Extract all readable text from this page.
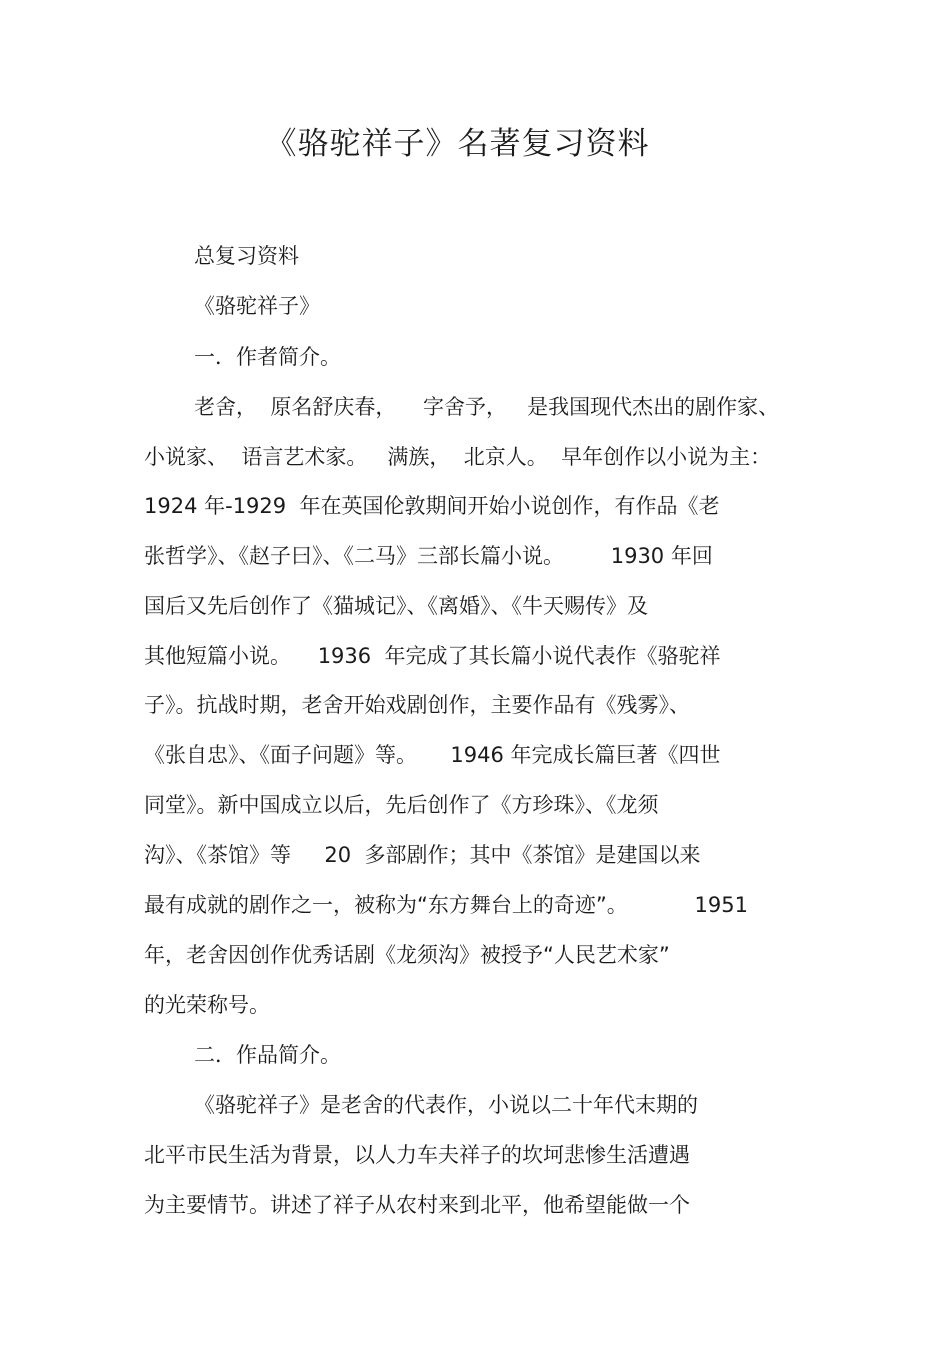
《骆驼祥子》名著复习资料
总复习资料
《骆驼祥子》
一．作者简介。
老舍，  原名舒庆春，    字舍予，   是我国现代杰出的剧作家、
小说家、  语言艺术家。   满族，  北京人。  早年创作以小说为主：
1924 年-1929  年在英国伦敦期间开始小说创作，有作品《老
张哲学》、《赵子曰》、《二马》三部长篇小说。       1930 年回
国后又先后创作了《猫城记》、《离婚》、《牛天赐传》及
其他短篇小说。    1936  年完成了其长篇小说代表作《骆驼祥
子》。抗战时期，老舍开始戏剧创作，主要作品有《残雾》、
《张自忠》、《面子问题》等。     1946 年完成长篇巨著《四世
同堂》。新中国成立以后，先后创作了《方珍珠》、《龙须
沟》、《茶馆》等     20  多部剧作；其中《茶馆》是建国以来
最有成就的剧作之一，被称为“东方舞台上的奇迹”。          1951
年，老舍因创作优秀话剧《龙须沟》被授予“人民艺术家”
的光荣称号。
二．作品简介。
《骆驼祥子》是老舍的代表作，小说以二十年代末期的
北平市民生活为背景，以人力车夫祥子的坎坷悲惨生活遭遇
为主要情节。讲述了祥子从农村来到北平，他希望能做一个
